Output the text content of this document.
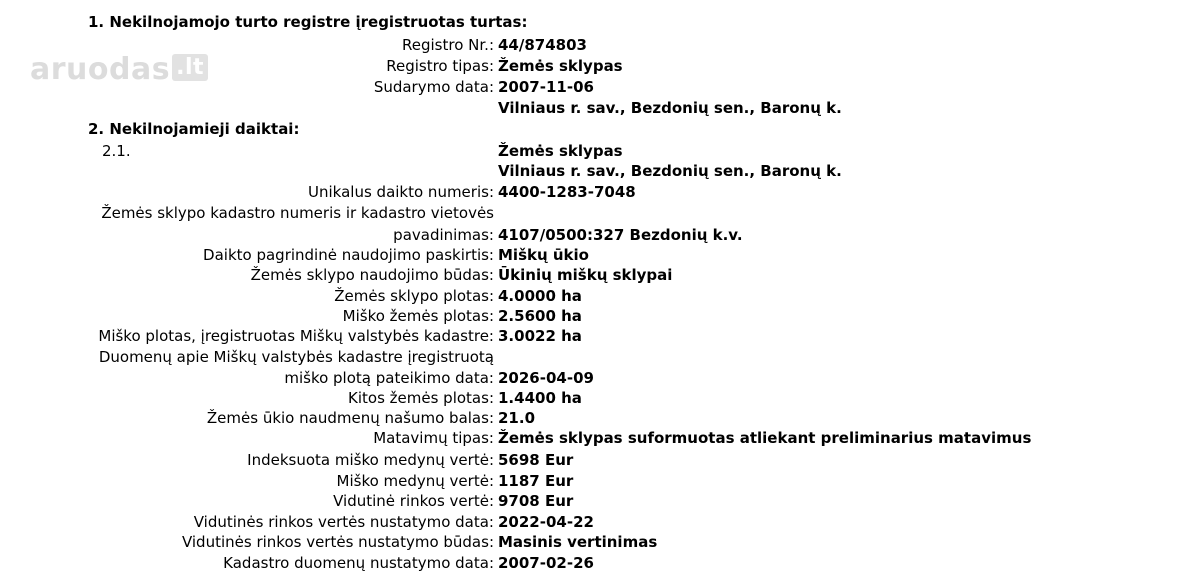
aruodas .lt
1. Nekilnojamojo turto registre įregistruotas turtas:
Registro Nr.: 44/874803
Registro tipas: Žemės sklypas
Sudarymo data: 2007-11-06
Vilniaus r. sav., Bezdonių sen., Baronų k.
2. Nekilnojamieji daiktai:
2.1.	Žemės sklypas
Vilniaus r. sav., Bezdonių sen., Baronų k.
Unikalus daikto numeris: 4400-1283-7048
Žemės sklypo kadastro numeris ir kadastro vietovės
pavadinimas: 4107/0500:327 Bezdonių k.v.
Daikto pagrindinė naudojimo paskirtis: Miškų ūkio
Žemės sklypo naudojimo būdas: Ūkinių miškų sklypai
Žemės sklypo plotas: 4.0000 ha
Miško žemės plotas: 2.5600 ha
Miško plotas, įregistruotas Miškų valstybės kadastre: 3.0022 ha
Duomenų apie Miškų valstybės kadastre įregistruotą
miško plotą pateikimo data: 2026-04-09
Kitos žemės plotas: 1.4400 ha
Žemės ūkio naudmenų našumo balas: 21.0
Matavimų tipas: Žemės sklypas suformuotas atliekant preliminarius matavimus
Indeksuota miško medynų vertė: 5698 Eur
Miško medynų vertė: 1187 Eur
Vidutinė rinkos vertė: 9708 Eur
Vidutinės rinkos vertės nustatymo data: 2022-04-22
Vidutinės rinkos vertės nustatymo būdas: Masinis vertinimas
Kadastro duomenų nustatymo data: 2007-02-26
